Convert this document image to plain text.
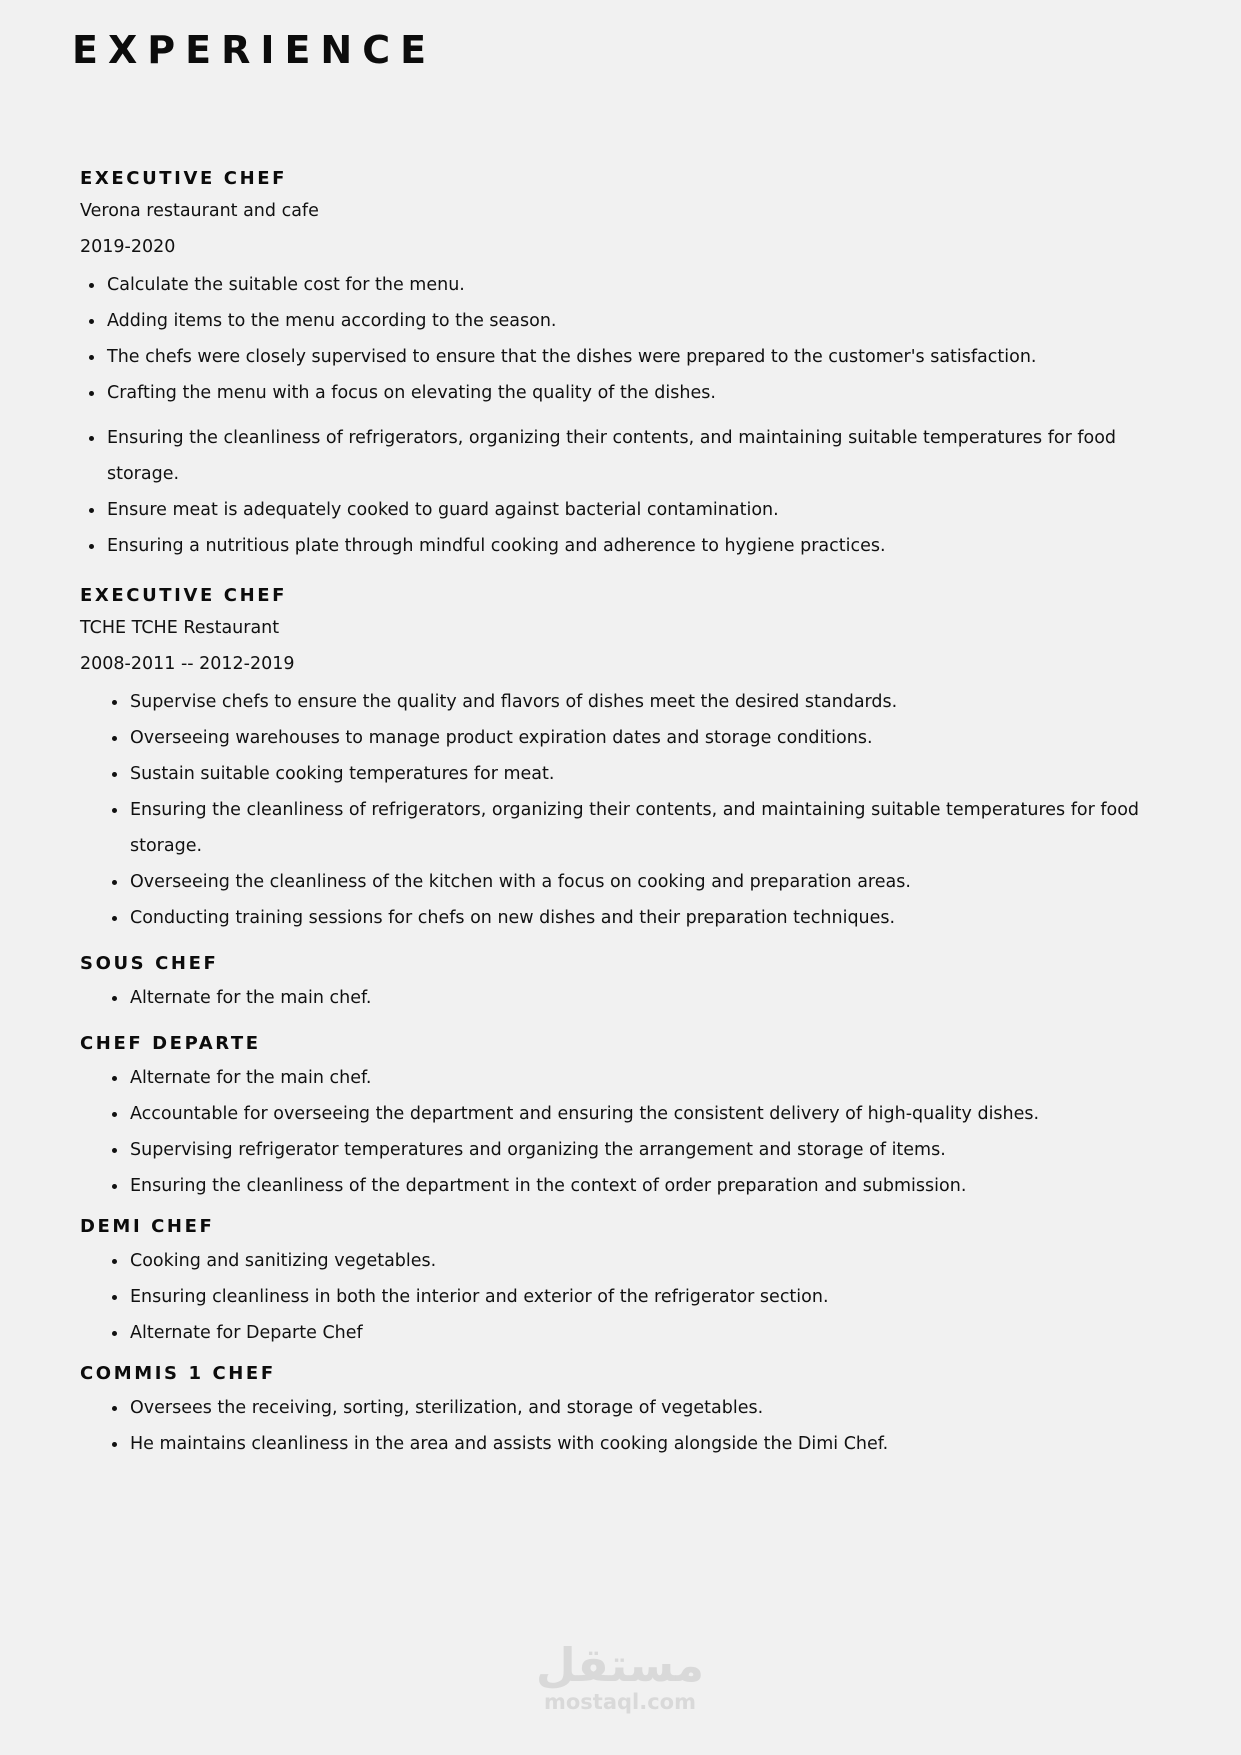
EXPERIENCE
EXECUTIVE CHEF
Verona restaurant and cafe
2019-2020
Calculate the suitable cost for the menu.
Adding items to the menu according to the season.
The chefs were closely supervised to ensure that the dishes were prepared to the customer's satisfaction.
Crafting the menu with a focus on elevating the quality of the dishes.
Ensuring the cleanliness of refrigerators, organizing their contents, and maintaining suitable temperatures for food storage.
Ensure meat is adequately cooked to guard against bacterial contamination.
Ensuring a nutritious plate through mindful cooking and adherence to hygiene practices.
EXECUTIVE CHEF
TCHE TCHE Restaurant
2008-2011 -- 2012-2019
Supervise chefs to ensure the quality and flavors of dishes meet the desired standards.
Overseeing warehouses to manage product expiration dates and storage conditions.
Sustain suitable cooking temperatures for meat.
Ensuring the cleanliness of refrigerators, organizing their contents, and maintaining suitable temperatures for food storage.
Overseeing the cleanliness of the kitchen with a focus on cooking and preparation areas.
Conducting training sessions for chefs on new dishes and their preparation techniques.
SOUS CHEF
Alternate for the main chef.
CHEF DEPARTE
Alternate for the main chef.
Accountable for overseeing the department and ensuring the consistent delivery of high-quality dishes.
Supervising refrigerator temperatures and organizing the arrangement and storage of items.
Ensuring the cleanliness of the department in the context of order preparation and submission.
DEMI CHEF
Cooking and sanitizing vegetables.
Ensuring cleanliness in both the interior and exterior of the refrigerator section.
Alternate for Departe Chef
COMMIS 1 CHEF
Oversees the receiving, sorting, sterilization, and storage of vegetables.
He maintains cleanliness in the area and assists with cooking alongside the Dimi Chef.
مستقل
mostaql.com
